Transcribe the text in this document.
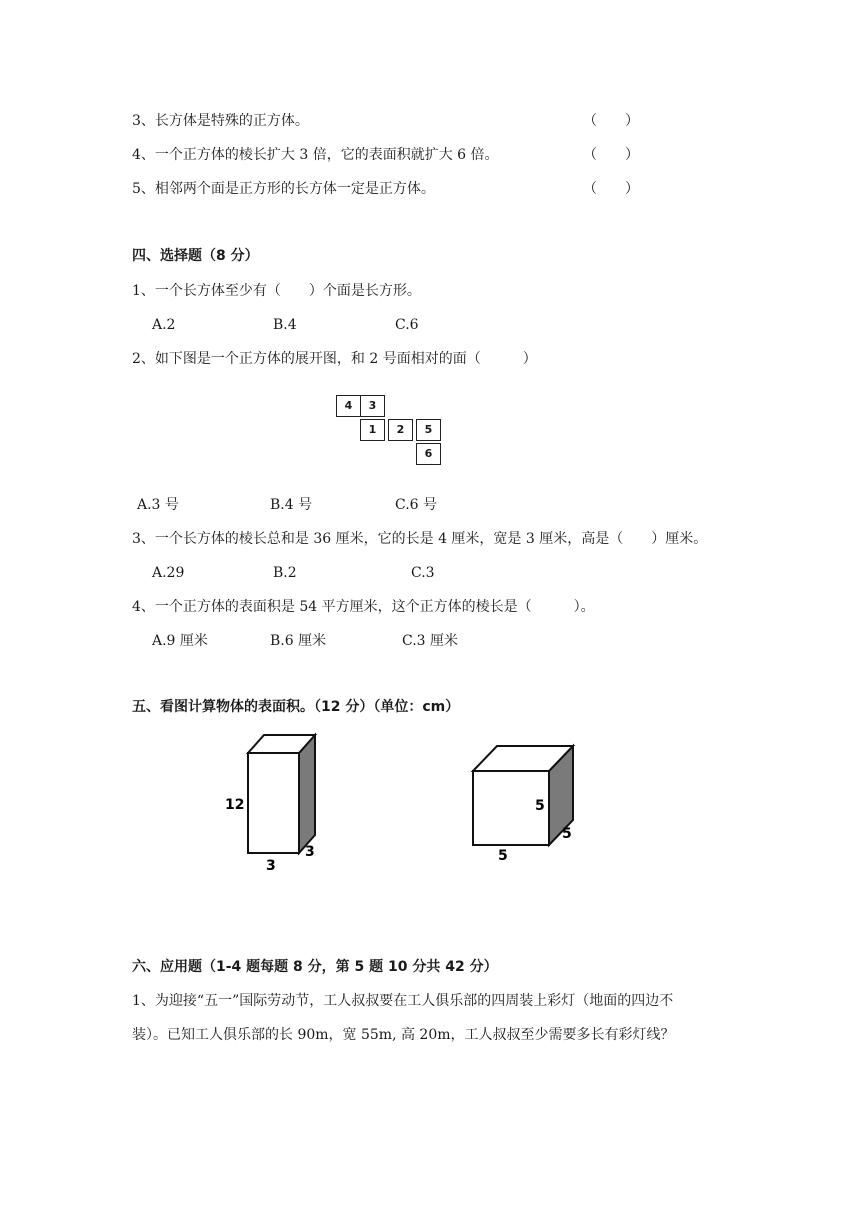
3、长方体是特殊的正方体。	（　　）
4、一个正方体的棱长扩大 3 倍，它的表面积就扩大 6 倍。	（　　）
5、相邻两个面是正方形的长方体一定是正方体。	（　　）
四、选择题（8 分）
1、一个长方体至少有（　　）个面是长方形。
A.2	B.4	C.6
2、如下图是一个正方体的展开图，和 2 号面相对的面（　　　）
4	3
1	2	5
6
A.3 号	B.4 号	C.6 号
3、一个长方体的棱长总和是 36 厘米，它的长是 4 厘米，宽是 3 厘米，高是（　　）厘米。
A.29	B.2	C.3
4、一个正方体的表面积是 54 平方厘米，这个正方体的棱长是（　　　）。
A.9 厘米	B.6 厘米	C.3 厘米
五、看图计算物体的表面积。（12 分）（单位：cm）
12
3
3
5
5
5
六、应用题（1-4 题每题 8 分，第 5 题 10 分共 42 分）
1、为迎接“五一”国际劳动节，工人叔叔要在工人俱乐部的四周装上彩灯（地面的四边不
装）。已知工人俱乐部的长 90m，宽 55m, 高 20m，工人叔叔至少需要多长有彩灯线？
